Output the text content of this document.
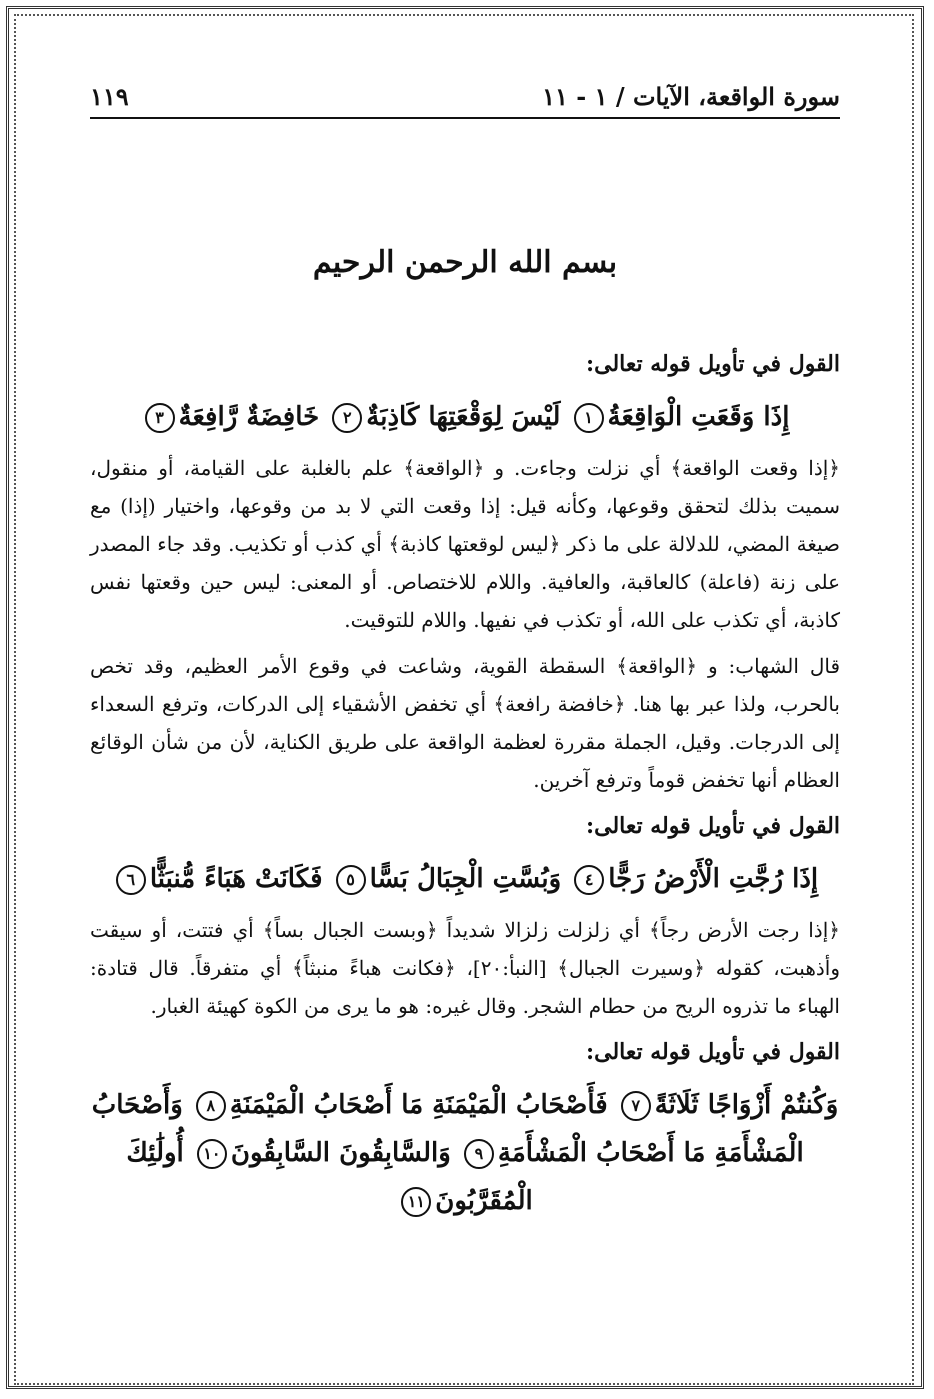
سورة الواقعة، الآيات / ١ - ١١
١١٩
بسم الله الرحمن الرحيم
القول في تأويل قوله تعالى:
إِذَا وَقَعَتِ الْوَاقِعَةُ١ لَيْسَ لِوَقْعَتِهَا كَاذِبَةٌ٢ خَافِضَةٌ رَّافِعَةٌ٣

﴿إذا وقعت الواقعة﴾ أي نزلت وجاءت. و ﴿الواقعة﴾ علم بالغلبة على القيامة، أو منقول، سميت بذلك لتحقق وقوعها، وكأنه قيل: إذا وقعت التي لا بد من وقوعها، واختيار (إذا) مع صيغة المضي، للدلالة على ما ذكر ﴿ليس لوقعتها كاذبة﴾ أي كذب أو تكذيب. وقد جاء المصدر على زنة (فاعلة) كالعاقبة، والعافية. واللام للاختصاص. أو المعنى: ليس حين وقعتها نفس كاذبة، أي تكذب على الله، أو تكذب في نفيها. واللام للتوقيت.

قال الشهاب: و ﴿الواقعة﴾ السقطة القوية، وشاعت في وقوع الأمر العظيم، وقد تخص بالحرب، ولذا عبر بها هنا. ﴿خافضة رافعة﴾ أي تخفض الأشقياء إلى الدركات، وترفع السعداء إلى الدرجات. وقيل، الجملة مقررة لعظمة الواقعة على طريق الكناية، لأن من شأن الوقائع العظام أنها تخفض قوماً وترفع آخرين.

القول في تأويل قوله تعالى:
إِذَا رُجَّتِ الْأَرْضُ رَجًّا٤ وَبُسَّتِ الْجِبَالُ بَسًّا٥ فَكَانَتْ هَبَاءً مُّنبَثًّا٦

﴿إذا رجت الأرض رجاً﴾ أي زلزلت زلزالا شديداً ﴿وبست الجبال بساً﴾ أي فتتت، أو سيقت وأذهبت، كقوله ﴿وسيرت الجبال﴾ [النبأ:٢٠]، ﴿فكانت هباءً منبثاً﴾ أي متفرقاً. قال قتادة: الهباء ما تذروه الريح من حطام الشجر. وقال غيره: هو ما يرى من الكوة كهيئة الغبار.

القول في تأويل قوله تعالى:
وَكُنتُمْ أَزْوَاجًا ثَلَاثَةً٧ فَأَصْحَابُ الْمَيْمَنَةِ مَا أَصْحَابُ الْمَيْمَنَةِ٨ وَأَصْحَابُ الْمَشْأَمَةِ مَا أَصْحَابُ الْمَشْأَمَةِ٩ وَالسَّابِقُونَ السَّابِقُونَ١٠ أُولَٰئِكَ الْمُقَرَّبُونَ١١
